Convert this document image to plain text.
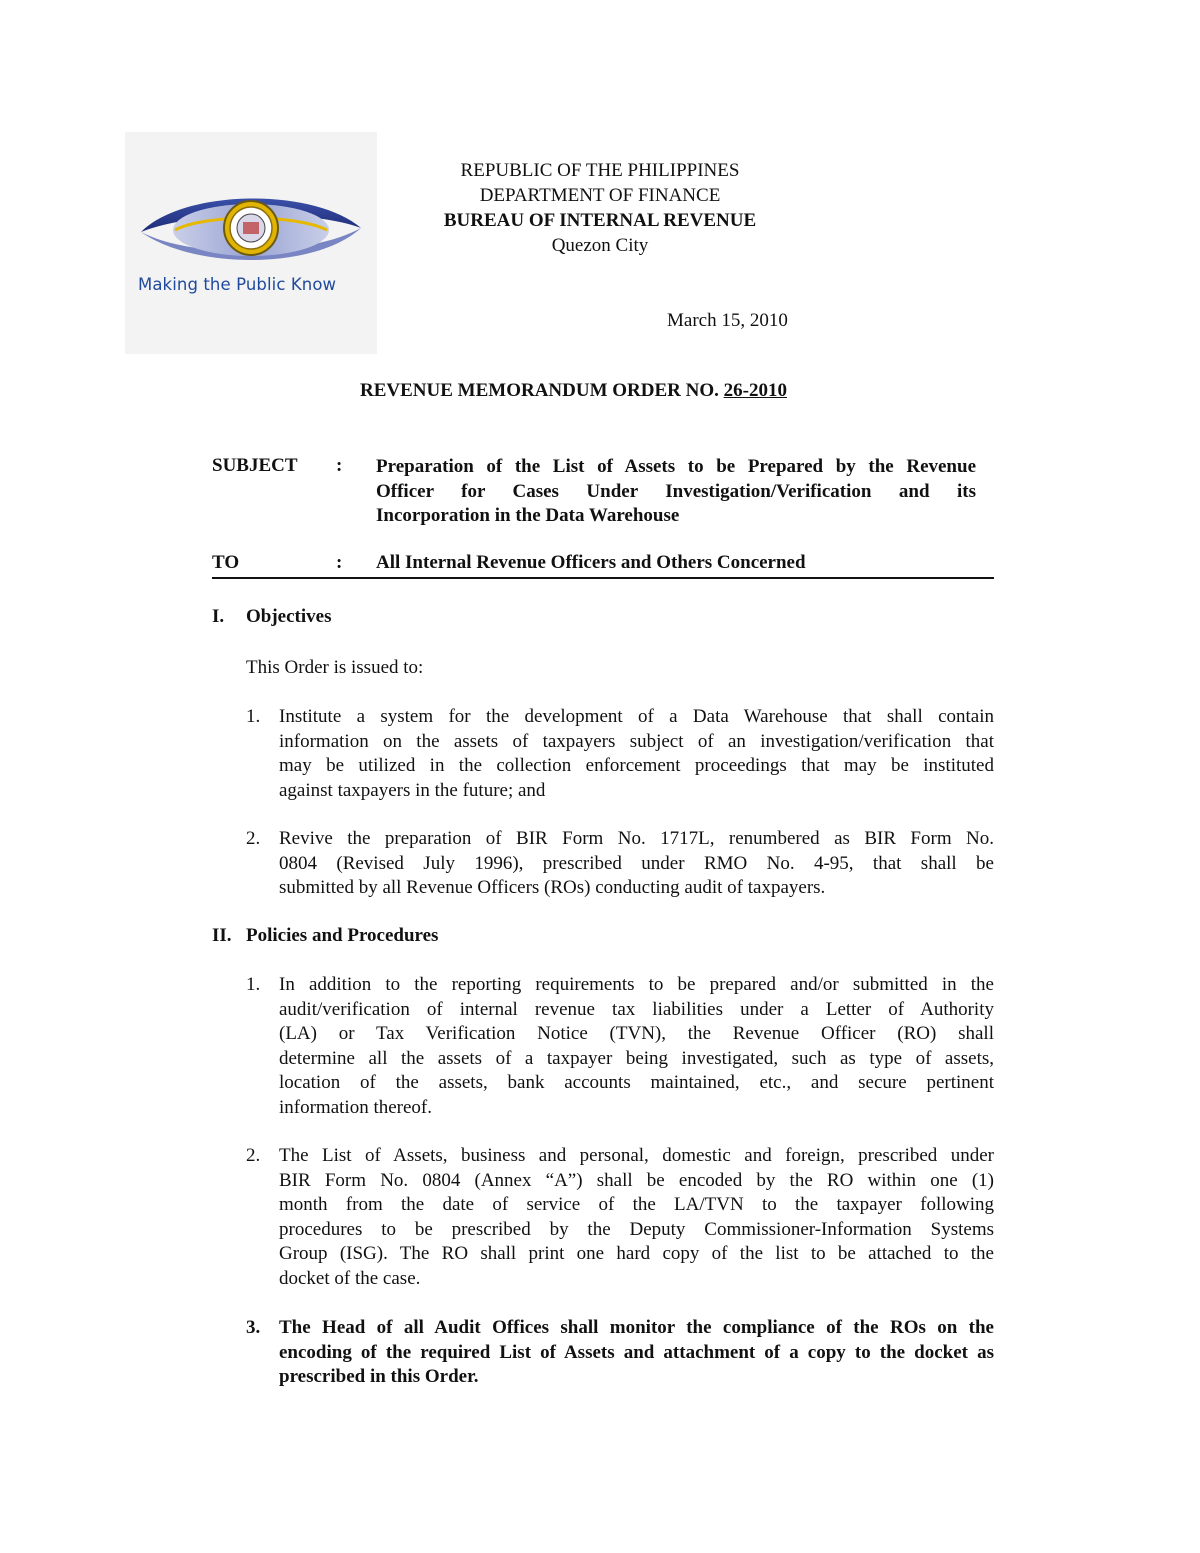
Making the Public Know
REPUBLIC OF THE PHILIPPINES
DEPARTMENT OF FINANCE
BUREAU OF INTERNAL REVENUE
Quezon City
March 15, 2010
REVENUE MEMORANDUM ORDER NO. 26-2010
SUBJECT : Preparation of the List of Assets to be Prepared by the Revenue
Officer for Cases Under Investigation/Verification and its
Incorporation in the Data Warehouse
TO	: All Internal Revenue Officers and Others Concerned
I. Objectives
This Order is issued to:
1. Institute a system for the development of a Data Warehouse that shall contain
information on the assets of taxpayers subject of an investigation/verification that
may be utilized in the collection enforcement proceedings that may be instituted
against taxpayers in the future; and
2. Revive the preparation of BIR Form No. 1717L, renumbered as BIR Form No.
0804 (Revised July 1996), prescribed under RMO No. 4-95, that shall be
submitted by all Revenue Officers (ROs) conducting audit of taxpayers.
II. Policies and Procedures
1. In addition to the reporting requirements to be prepared and/or submitted in the
audit/verification of internal revenue tax liabilities under a Letter of Authority
(LA) or Tax Verification Notice (TVN), the Revenue Officer (RO) shall
determine all the assets of a taxpayer being investigated, such as type of assets,
location of the assets, bank accounts maintained, etc., and secure pertinent
information thereof.
2. The List of Assets, business and personal, domestic and foreign, prescribed under
BIR Form No. 0804 (Annex “A”) shall be encoded by the RO within one (1)
month from the date of service of the LA/TVN to the taxpayer following
procedures to be prescribed by the Deputy Commissioner-Information Systems
Group (ISG). The RO shall print one hard copy of the list to be attached to the
docket of the case.
3. The Head of all Audit Offices shall monitor the compliance of the ROs on the
encoding of the required List of Assets and attachment of a copy to the docket as
prescribed in this Order.
